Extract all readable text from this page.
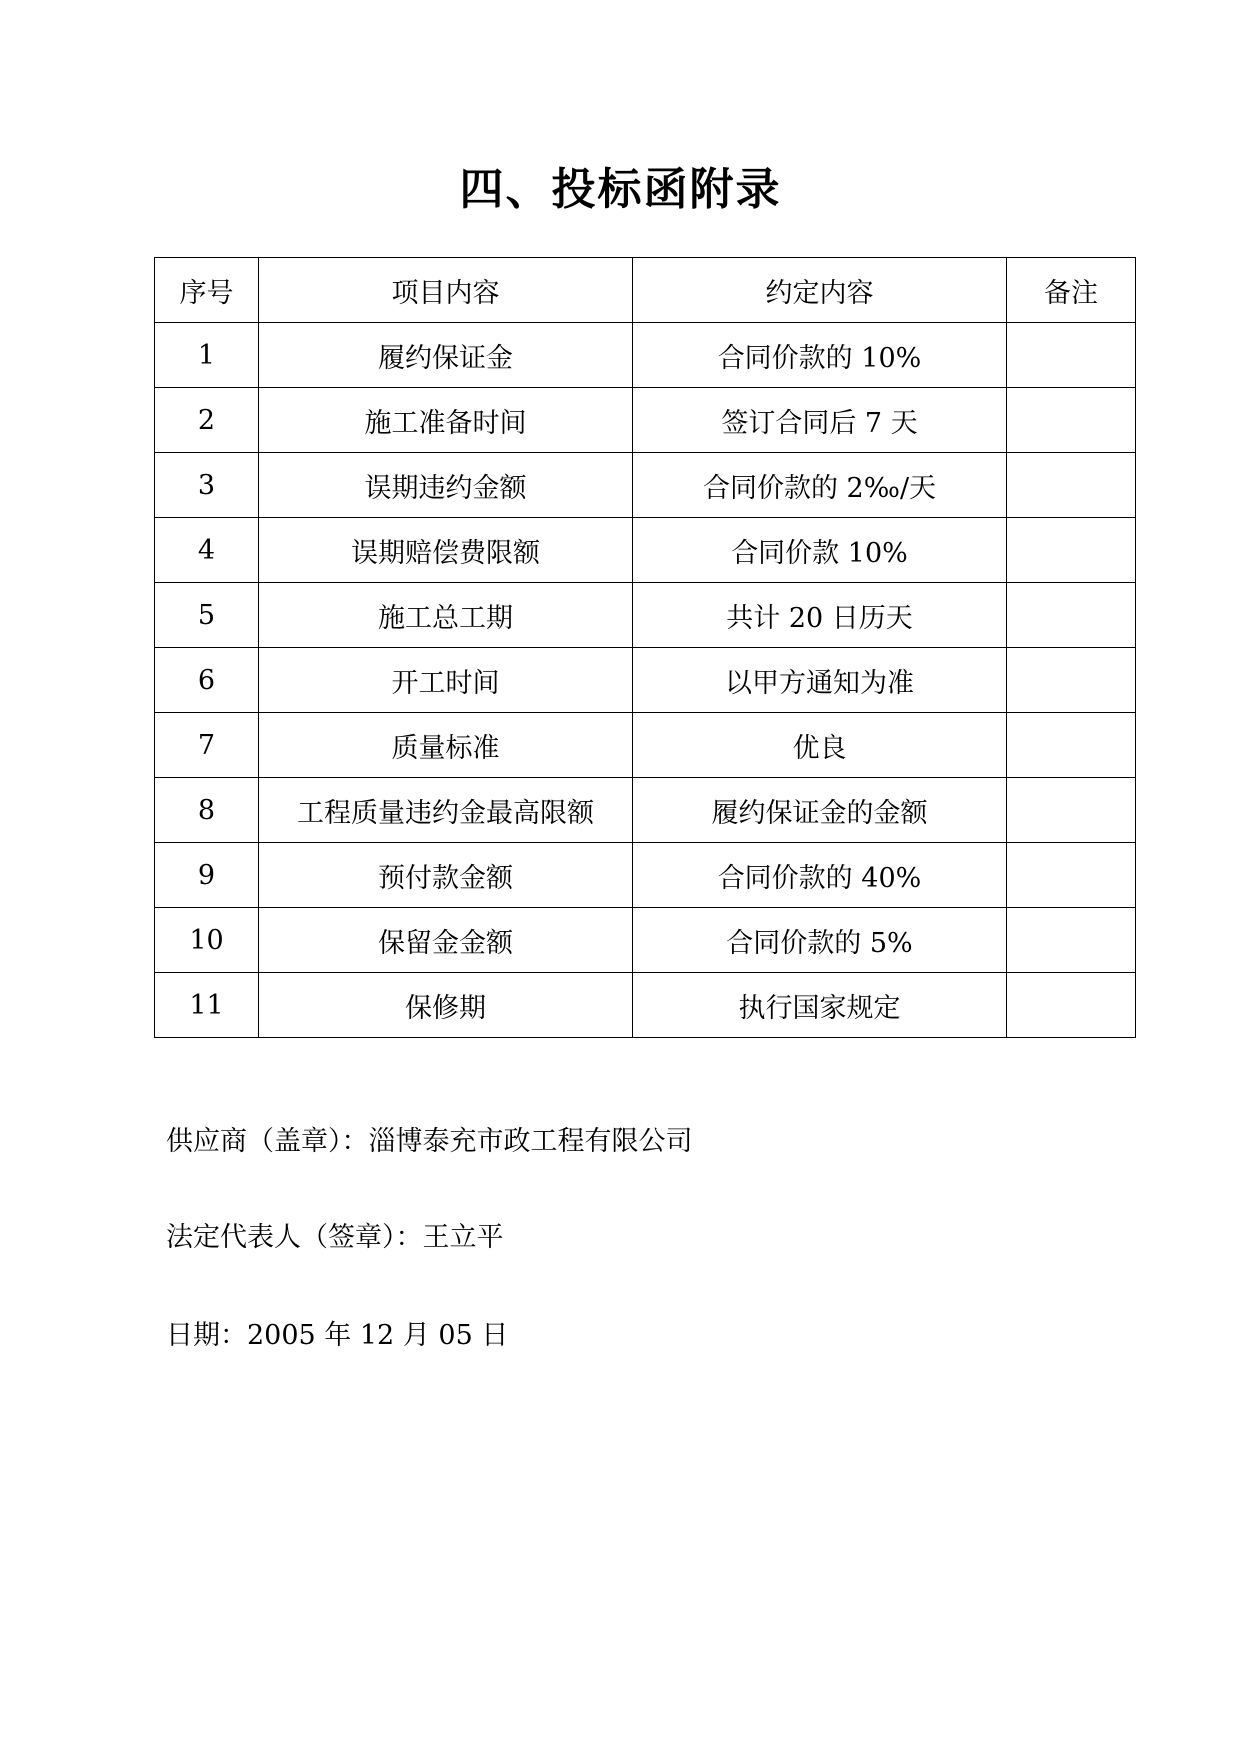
四、投标函附录
序号	项目内容	约定内容	备注
1	履约保证金	合同价款的 10%	
2	施工准备时间	签订合同后 7 天	
3	误期违约金额	合同价款的 2‰/天	
4	误期赔偿费限额	合同价款 10%	
5	施工总工期	共计 20 日历天	
6	开工时间	以甲方通知为准	
7	质量标准	优良	
8	工程质量违约金最高限额	履约保证金的金额	
9	预付款金额	合同价款的 40%	
10	保留金金额	合同价款的 5%	
11	保修期	执行国家规定	
供应商（盖章）：淄博泰充市政工程有限公司
法定代表人（签章）：王立平
日期：2005 年 12 月 05 日
